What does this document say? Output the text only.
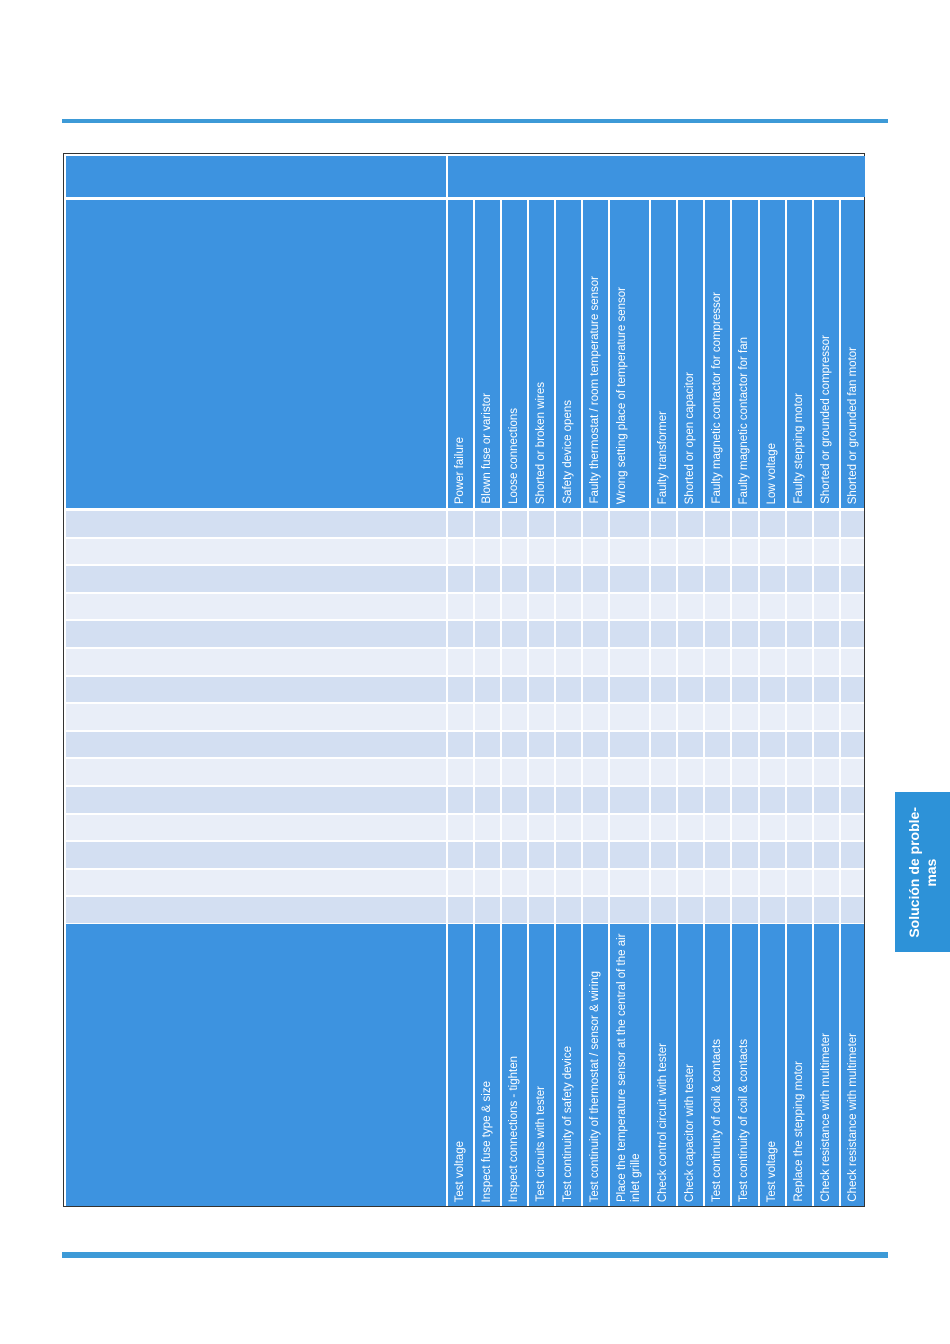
Power failure Blown fuse or varistor Loose connections Shorted or broken wires Safety device opens Faulty thermostat / room temperature sensor Wrong setting place of temperature sensor	Faulty transformer Shorted or open capacitor Faulty magnetic contactor for compressor Faulty magnetic contactor for fan Low voltage Faulty stepping motor Shorted or grounded compressor Shorted or grounded fan motor
Test voltage Inspect fuse type & size Inspect connections - tighten Test circuits with tester Test continuity of safety device Test continuity of thermostat / sensor & wiring Place the temperature sensor at the central of the air inlet grille Check control circuit with tester Check capacitor with tester Test continuity of coil & contacts Test continuity of coil & contacts Test voltage Replace the stepping motor Check resistance with multimeter Check resistance with multimeter
Solución de proble-
mas
